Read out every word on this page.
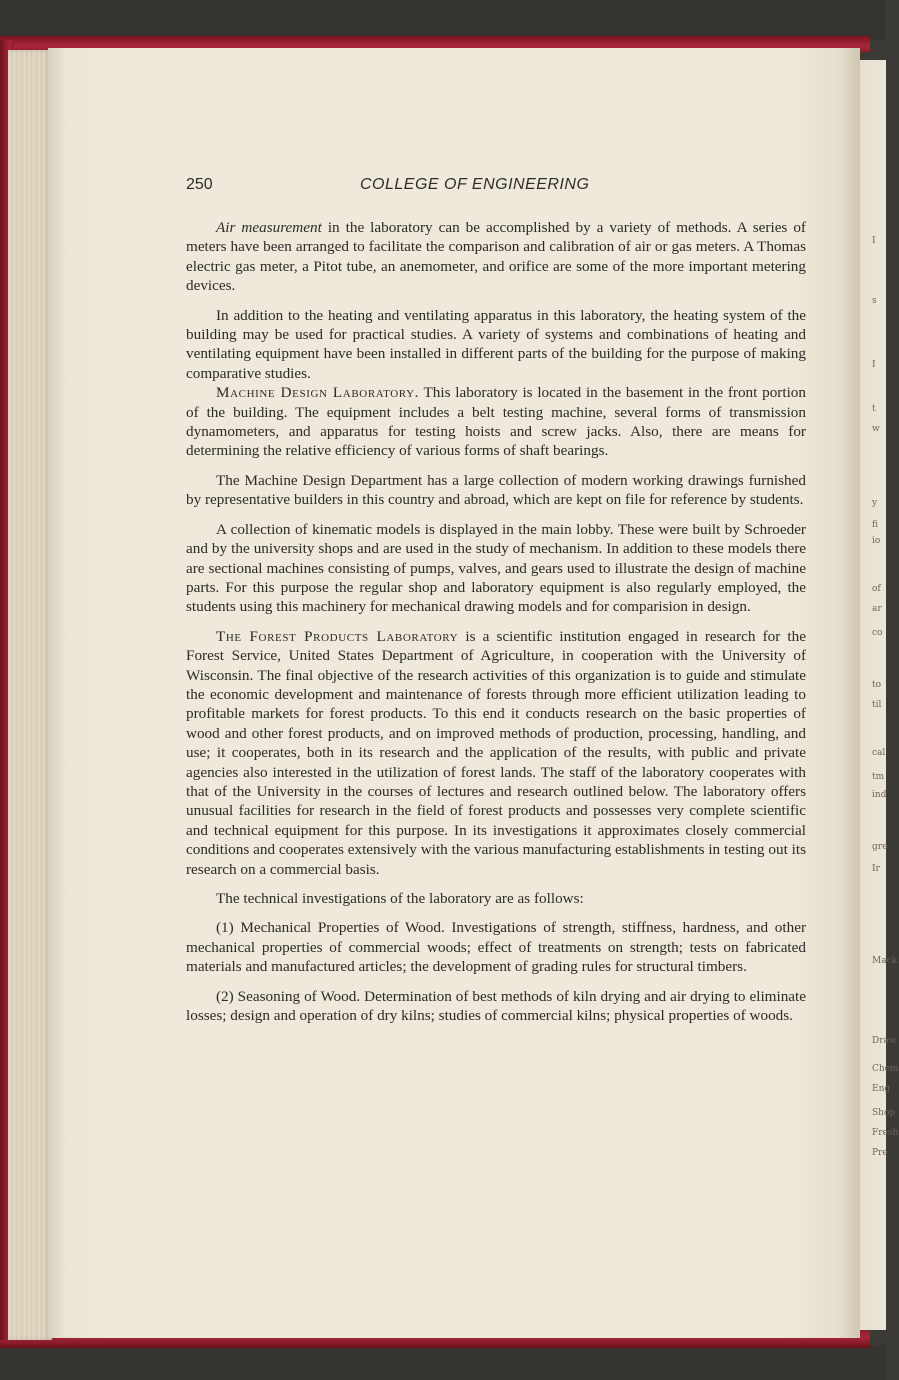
I
s
I
t
w
y
fi
io
of
ar
co
to
til
cal
tm
ind
gre
Ir
Mack
Draw
Chem
Eng
Shop
Fresh
Pre
250	COLLEGE OF ENGINEERING

Air measurement in the laboratory can be accomplished by a variety of methods. A series of meters have been arranged to facilitate the comparison and calibration of air or gas meters. A Thomas electric gas meter, a Pitot tube, an anemometer, and orifice are some of the more important metering devices.

In addition to the heating and ventilating apparatus in this laboratory, the heating system of the building may be used for practical studies. A variety of systems and combinations of heating and ventilating equipment have been installed in different parts of the building for the purpose of making comparative studies.

Machine Design Laboratory. This laboratory is located in the basement in the front portion of the building. The equipment includes a belt testing machine, several forms of transmission dynamometers, and apparatus for testing hoists and screw jacks. Also, there are means for determining the relative efficiency of various forms of shaft bearings.

The Machine Design Department has a large collection of modern working drawings furnished by representative builders in this country and abroad, which are kept on file for reference by students.

A collection of kinematic models is displayed in the main lobby. These were built by Schroeder and by the university shops and are used in the study of mechanism. In addition to these models there are sectional machines consisting of pumps, valves, and gears used to illustrate the design of machine parts. For this purpose the regular shop and laboratory equipment is also regularly employed, the students using this machinery for mechanical drawing models and for comparision in design.

The Forest Products Laboratory is a scientific institution engaged in research for the Forest Service, United States Department of Agriculture, in cooperation with the University of Wisconsin. The final objective of the research activities of this organization is to guide and stimulate the economic development and maintenance of forests through more efficient utilization leading to profitable markets for forest products. To this end it conducts research on the basic properties of wood and other forest products, and on improved methods of production, processing, handling, and use; it cooperates, both in its research and the application of the results, with public and private agencies also interested in the utilization of forest lands. The staff of the laboratory cooperates with that of the University in the courses of lectures and research outlined below. The laboratory offers unusual facilities for research in the field of forest products and possesses very complete scientific and technical equipment for this purpose. In its investigations it approximates closely commercial conditions and cooperates extensively with the various manufacturing establishments in testing out its research on a commercial basis.

The technical investigations of the laboratory are as follows:

(1) Mechanical Properties of Wood. Investigations of strength, stiffness, hardness, and other mechanical properties of commercial woods; effect of treatments on strength; tests on fabricated materials and manufactured articles; the development of grading rules for structural timbers.

(2) Seasoning of Wood. Determination of best methods of kiln drying and air drying to eliminate losses; design and operation of dry kilns; studies of commercial kilns; physical properties of woods.
